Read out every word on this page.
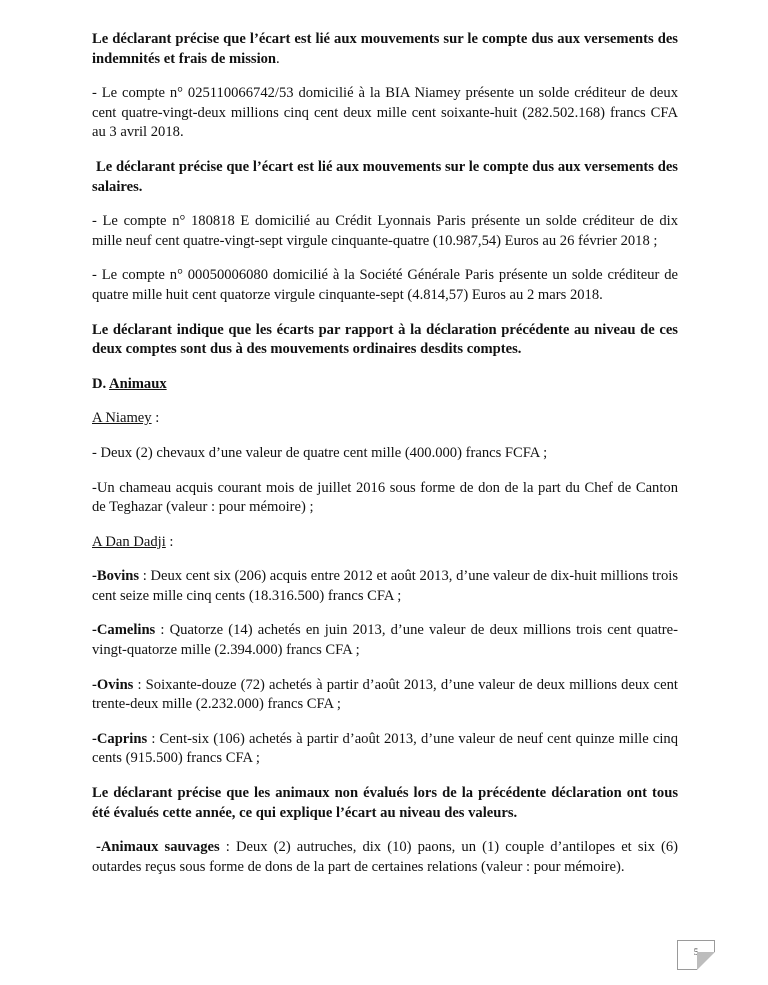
Le déclarant précise que l’écart est lié aux mouvements sur le compte dus aux versements des indemnités et frais de mission.

- Le compte n° 025110066742/53 domicilié à la BIA Niamey présente un solde créditeur de deux cent quatre-vingt-deux millions cinq cent deux mille cent soixante-huit (282.502.168) francs CFA au 3 avril 2018.

Le déclarant précise que l’écart est lié aux mouvements sur le compte dus aux versements des salaires.

- Le compte n° 180818 E domicilié au Crédit Lyonnais Paris présente un solde créditeur de dix mille neuf cent quatre-vingt-sept virgule cinquante-quatre (10.987,54) Euros au 26 février 2018 ;

- Le compte n° 00050006080 domicilié à la Société Générale Paris présente un solde créditeur de quatre mille huit cent quatorze virgule cinquante-sept (4.814,57) Euros au 2 mars 2018.

Le déclarant indique que les écarts par rapport à la déclaration précédente au niveau de ces deux comptes sont dus à des mouvements ordinaires desdits comptes.

D. Animaux

A Niamey :

- Deux (2) chevaux d’une valeur de quatre cent mille (400.000) francs FCFA ;

-Un chameau acquis courant mois de juillet 2016 sous forme de don de la part du Chef de Canton de Teghazar (valeur : pour mémoire) ;

A Dan Dadji :

-Bovins : Deux cent six (206) acquis entre 2012 et août 2013, d’une valeur de dix-huit millions trois cent seize mille cinq cents (18.316.500) francs CFA ;

-Camelins : Quatorze (14) achetés en juin 2013, d’une valeur de deux millions trois cent quatre-vingt-quatorze mille (2.394.000) francs CFA ;

-Ovins : Soixante-douze (72) achetés à partir d’août 2013, d’une valeur de deux millions deux cent trente-deux mille (2.232.000) francs CFA ;

-Caprins : Cent-six (106) achetés à partir d’août 2013, d’une valeur de neuf cent quinze mille cinq cents (915.500) francs CFA ;

Le déclarant précise que les animaux non évalués lors de la précédente déclaration ont tous été évalués cette année, ce qui explique l’écart au niveau des valeurs.

-Animaux sauvages : Deux (2) autruches, dix (10) paons, un (1) couple d’antilopes et six (6) outardes reçus sous forme de dons de la part de certaines relations (valeur : pour mémoire).

5
